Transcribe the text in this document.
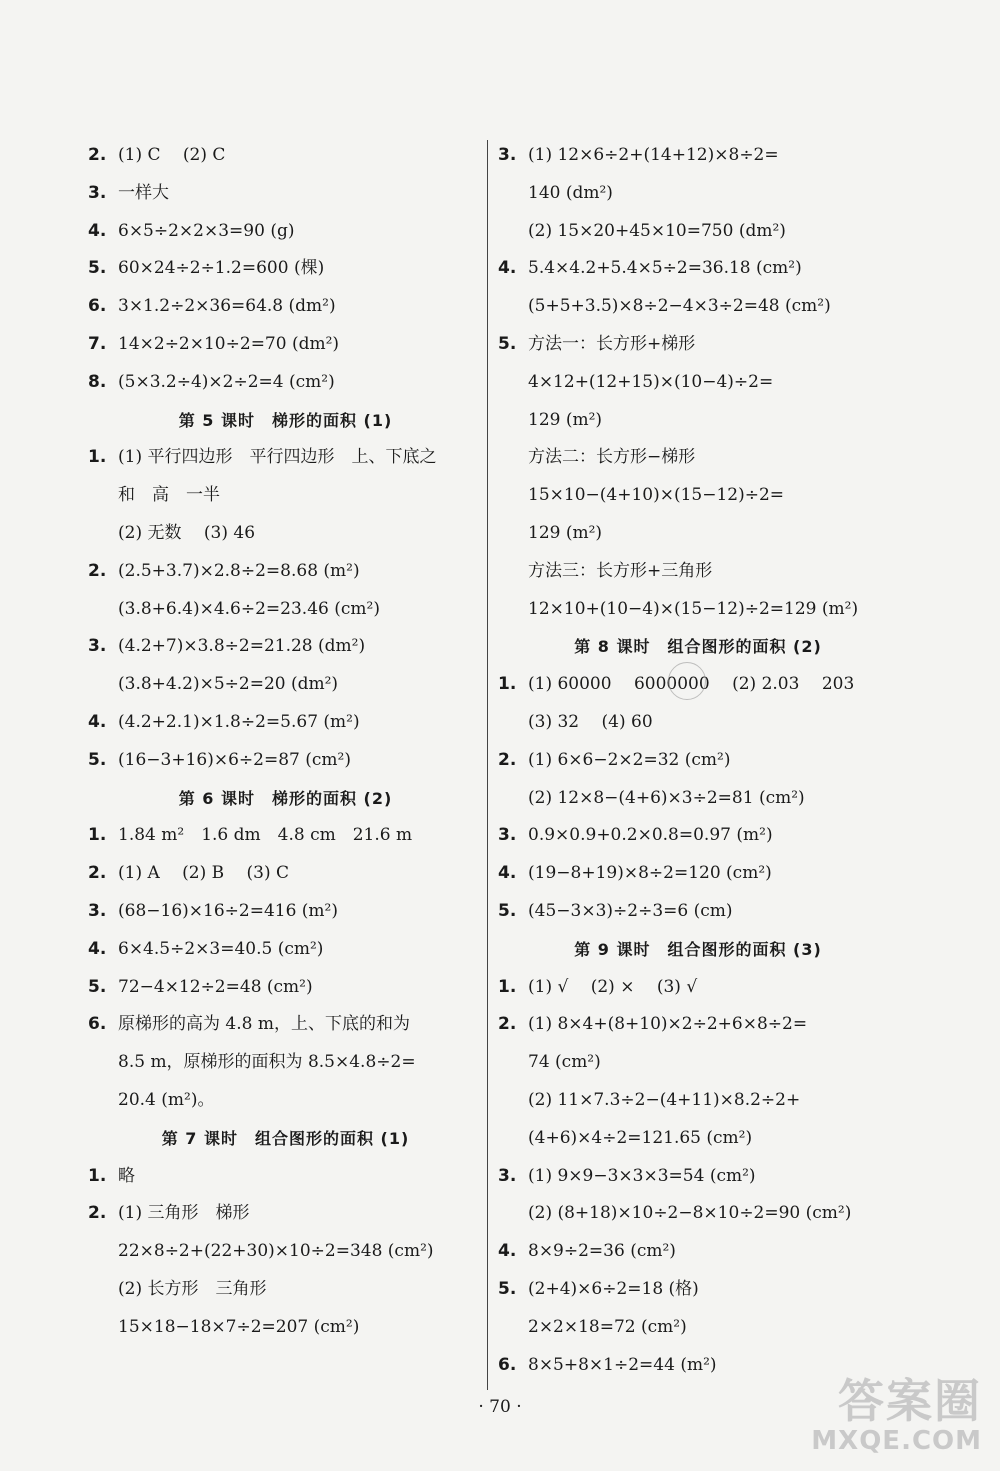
2. (1) C　 (2) C
3. 一样大
4. 6×5÷2×2×3=90 (g)
5. 60×24÷2÷1.2=600 (棵)
6. 3×1.2÷2×36=64.8 (dm²)
7. 14×2÷2×10÷2=70 (dm²)
8. (5×3.2÷4)×2÷2=4 (cm²)
第 5 课时　梯形的面积 (1)
1. (1) 平行四边形　平行四边形　上、下底之
和　高　一半
(2) 无数　 (3) 46
2. (2.5+3.7)×2.8÷2=8.68 (m²)
(3.8+6.4)×4.6÷2=23.46 (cm²)
3. (4.2+7)×3.8÷2=21.28 (dm²)
(3.8+4.2)×5÷2=20 (dm²)
4. (4.2+2.1)×1.8÷2=5.67 (m²)
5. (16−3+16)×6÷2=87 (cm²)
第 6 课时　梯形的面积 (2)
1. 1.84 m²　1.6 dm　4.8 cm　21.6 m
2. (1) A　 (2) B　 (3) C
3. (68−16)×16÷2=416 (m²)
4. 6×4.5÷2×3=40.5 (cm²)
5. 72−4×12÷2=48 (cm²)
6. 原梯形的高为 4.8 m，上、下底的和为
8.5 m，原梯形的面积为 8.5×4.8÷2=
20.4 (m²)。
第 7 课时　组合图形的面积 (1)
1. 略
2. (1) 三角形　梯形
22×8÷2+(22+30)×10÷2=348 (cm²)
(2) 长方形　三角形
15×18−18×7÷2=207 (cm²)
3. (1) 12×6÷2+(14+12)×8÷2=
140 (dm²)
(2) 15×20+45×10=750 (dm²)
4. 5.4×4.2+5.4×5÷2=36.18 (cm²)
(5+5+3.5)×8÷2−4×3÷2=48 (cm²)
5. 方法一：长方形+梯形
4×12+(12+15)×(10−4)÷2=
129 (m²)
方法二：长方形−梯形
15×10−(4+10)×(15−12)÷2=
129 (m²)
方法三：长方形+三角形
12×10+(10−4)×(15−12)÷2=129 (m²)
第 8 课时　组合图形的面积 (2)
1. (1) 60000　 6000000　 (2) 2.03　 203
(3) 32　 (4) 60
2. (1) 6×6−2×2=32 (cm²)
(2) 12×8−(4+6)×3÷2=81 (cm²)
3. 0.9×0.9+0.2×0.8=0.97 (m²)
4. (19−8+19)×8÷2=120 (cm²)
5. (45−3×3)÷2÷3=6 (cm)
第 9 课时　组合图形的面积 (3)
1. (1) √　 (2) ×　 (3) √
2. (1) 8×4+(8+10)×2÷2+6×8÷2=
74 (cm²)
(2) 11×7.3÷2−(4+11)×8.2÷2+
(4+6)×4÷2=121.65 (cm²)
3. (1) 9×9−3×3×3=54 (cm²)
(2) (8+18)×10÷2−8×10÷2=90 (cm²)
4. 8×9÷2=36 (cm²)
5. (2+4)×6÷2=18 (格)
2×2×18=72 (cm²)
6. 8×5+8×1÷2=44 (m²)
· 70 ·	答案圈
MXQE.COM
